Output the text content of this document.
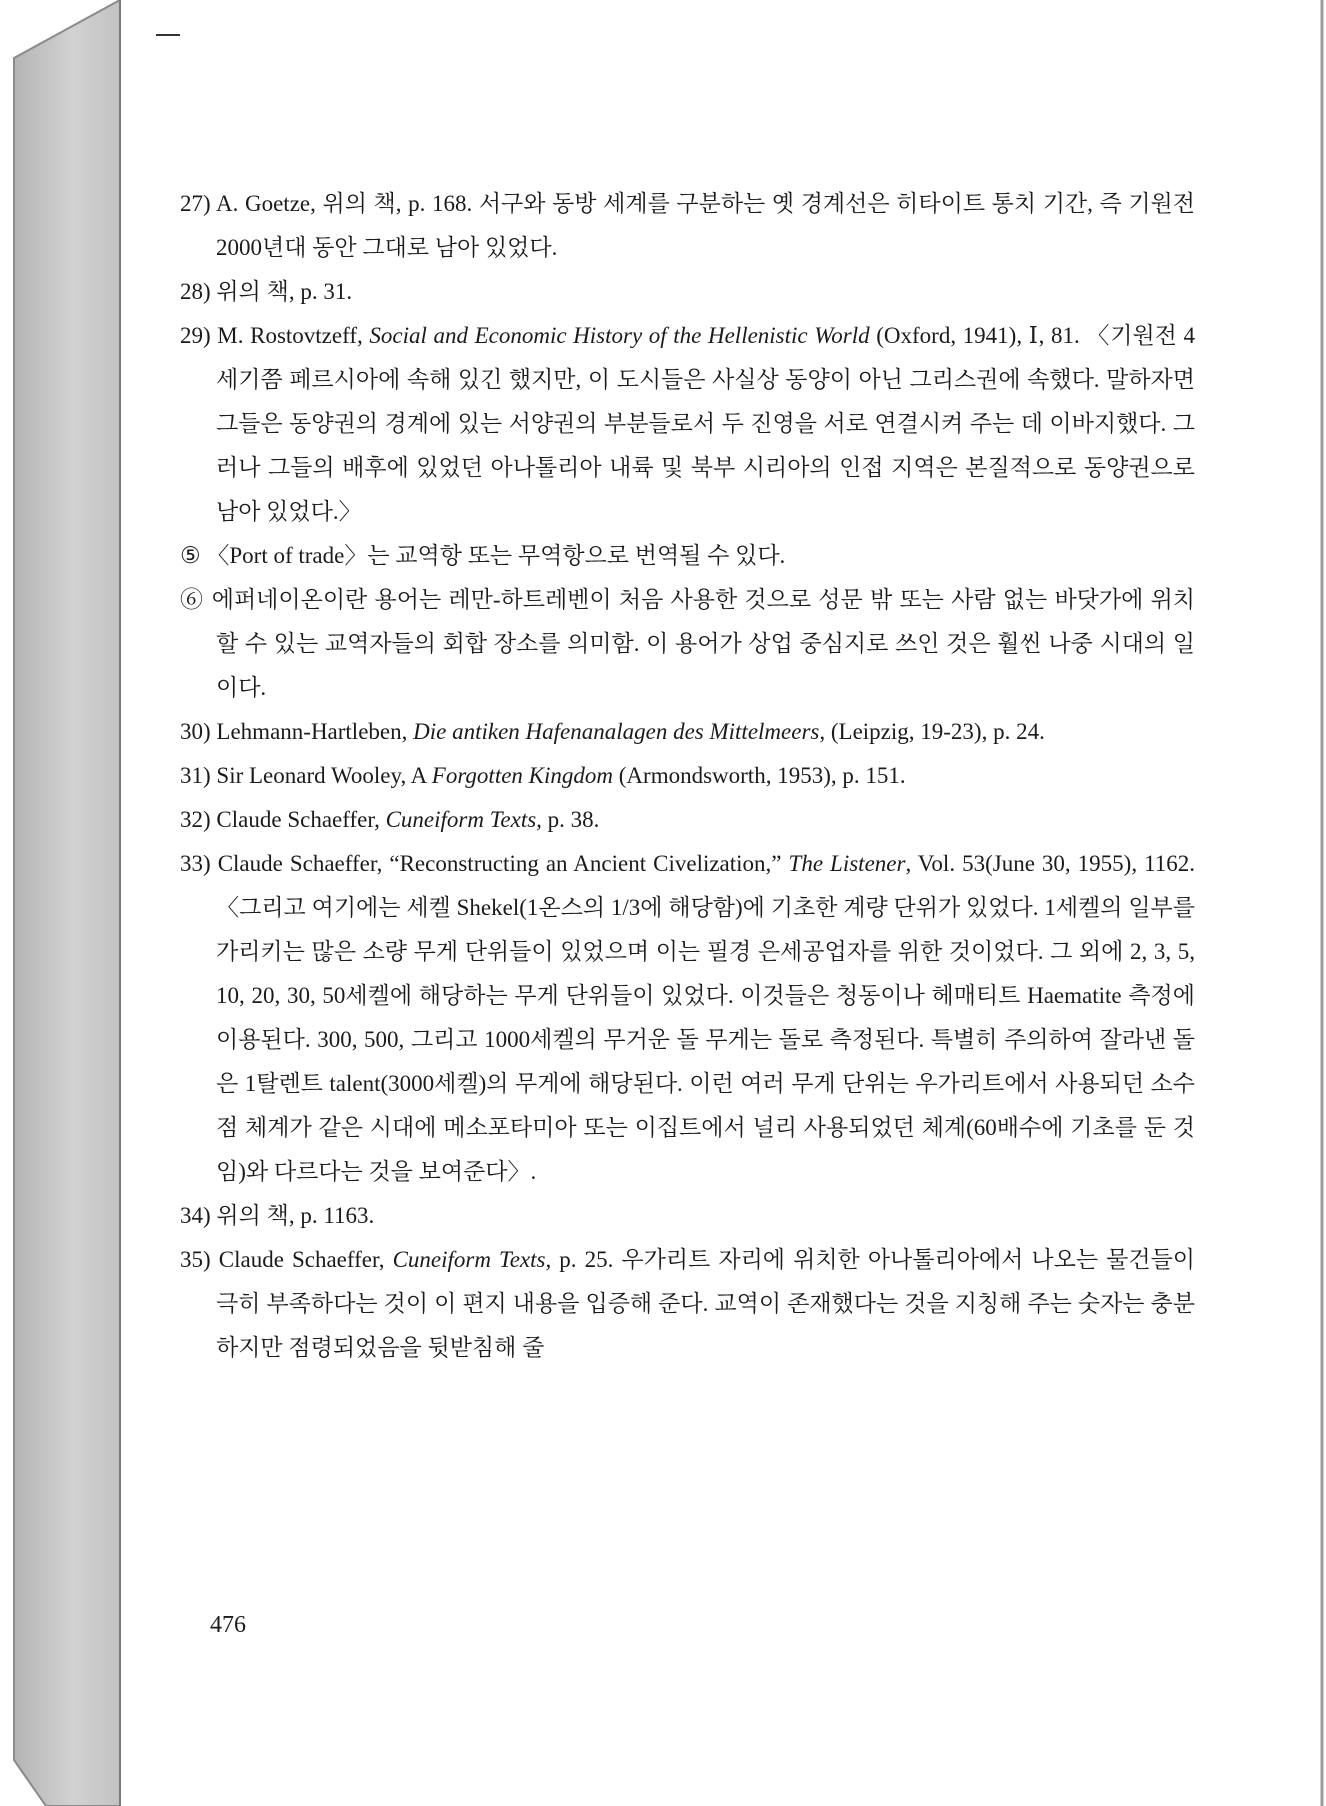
27) A. Goetze, 위의 책, p. 168. 서구와 동방 세계를 구분하는 옛 경계선은 히타이트 통치 기간, 즉 기원전 2000년대 동안 그대로 남아 있었다.

28) 위의 책, p. 31.

29) M. Rostovtzeff, Social and Economic History of the Hellenistic World (Oxford, 1941), Ⅰ, 81. 〈기원전 4세기쯤 페르시아에 속해 있긴 했지만, 이 도시들은 사실상 동양이 아닌 그리스권에 속했다. 말하자면 그들은 동양권의 경계에 있는 서양권의 부분들로서 두 진영을 서로 연결시켜 주는 데 이바지했다. 그러나 그들의 배후에 있었던 아나톨리아 내륙 및 북부 시리아의 인접 지역은 본질적으로 동양권으로 남아 있었다.〉

⑤ 〈Port of trade〉는 교역항 또는 무역항으로 번역될 수 있다.

⑥ 에퍼네이온이란 용어는 레만-하트레벤이 처음 사용한 것으로 성문 밖 또는 사람 없는 바닷가에 위치할 수 있는 교역자들의 회합 장소를 의미함. 이 용어가 상업 중심지로 쓰인 것은 훨씬 나중 시대의 일이다.

30) Lehmann-Hartleben, Die antiken Hafenanalagen des Mittelmeers, (Leipzig, 19-23), p. 24.

31) Sir Leonard Wooley, A Forgotten Kingdom (Armondsworth, 1953), p. 151.

32) Claude Schaeffer, Cuneiform Texts, p. 38.

33) Claude Schaeffer, “Reconstructing an Ancient Civelization,” The Listener, Vol. 53(June 30, 1955), 1162. 〈그리고 여기에는 세켈 Shekel(1온스의 1/3에 해당함)에 기초한 계량 단위가 있었다. 1세켈의 일부를 가리키는 많은 소량 무게 단위들이 있었으며 이는 필경 은세공업자를 위한 것이었다. 그 외에 2, 3, 5, 10, 20, 30, 50세켈에 해당하는 무게 단위들이 있었다. 이것들은 청동이나 헤매티트 Haematite 측정에 이용된다. 300, 500, 그리고 1000세켈의 무거운 돌 무게는 돌로 측정된다. 특별히 주의하여 잘라낸 돌은 1탈렌트 talent(3000세켈)의 무게에 해당된다. 이런 여러 무게 단위는 우가리트에서 사용되던 소수점 체계가 같은 시대에 메소포타미아 또는 이집트에서 널리 사용되었던 체계(60배수에 기초를 둔 것임)와 다르다는 것을 보여준다〉.

34) 위의 책, p. 1163.

35) Claude Schaeffer, Cuneiform Texts, p. 25. 우가리트 자리에 위치한 아나톨리아에서 나오는 물건들이 극히 부족하다는 것이 이 편지 내용을 입증해 준다. 교역이 존재했다는 것을 지칭해 주는 숫자는 충분하지만 점령되었음을 뒷받침해 줄

476
